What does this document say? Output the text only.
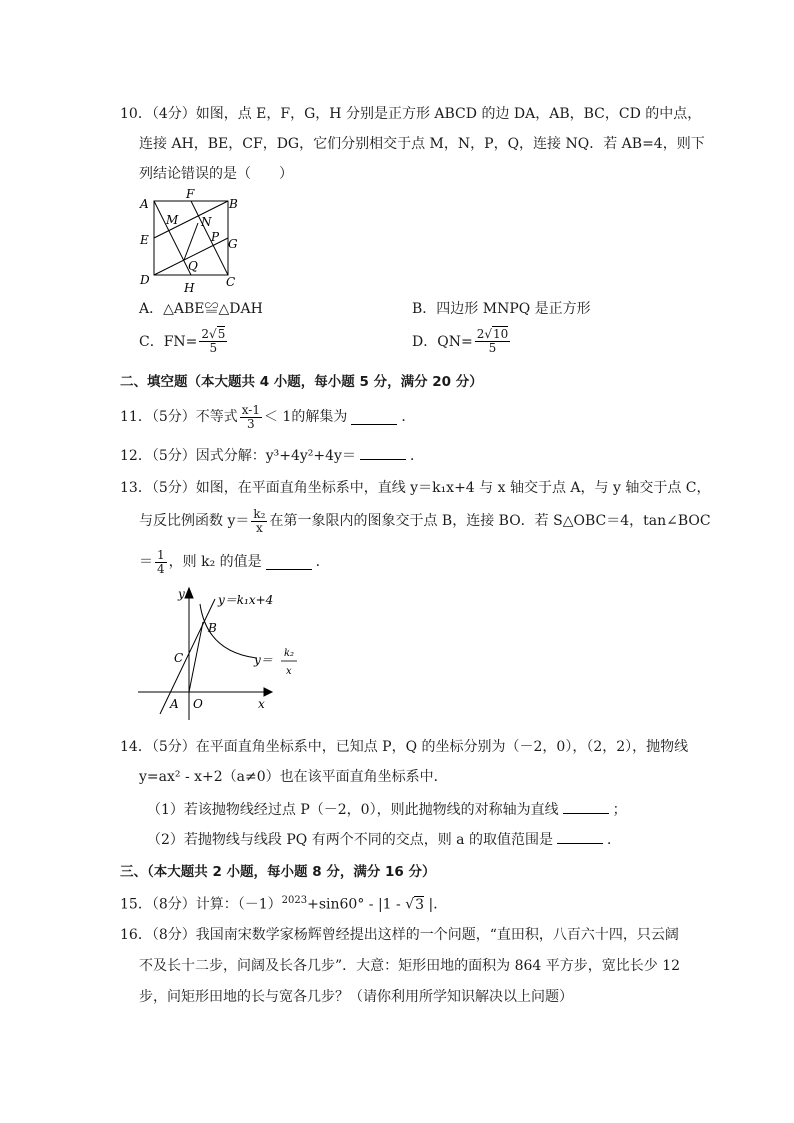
10．（4分）如图，点 E，F，G，H 分别是正方形 ABCD 的边 DA，AB，BC，CD 的中点，
连接 AH，BE，CF，DG，它们分别相交于点 M，N，P，Q，连接 NQ．若 AB=4，则下
列结论错误的是（　　）
A	B
C
D
E
F
G
H
M N
P
Q
A．△ABE≌△DAH	B．四边形 MNPQ 是正方形
C．$FN= \frac{2√5}{5}$	D．$QN= \frac{2√10}{5}$
二、填空题（本大题共 4 小题，每小题 5 分，满分 20 分）
11．（5分）不等式 $\frac{x-1}{3} < 1$的解集为	．
12．（5分）因式分解：y³+4y²+4y＝	．
13．（5分）如图，在平面直角坐标系中，直线 y＝k₁x+4 与 x 轴交于点 A，与 y 轴交于点 C，
与反比例函数 $y= \frac{\text{k₂}}{x}$ 在第一象限内的图象交于点 B，连接 BO．若 S△OBC＝4，tan∠BOC
＝ $\frac{1}{4}$ ，则 k₂ 的值是	．
y
x
O
A
B
C
y＝k₁x+4
y＝ k₂
x
14．（5分）在平面直角坐标系中，已知点 P，Q 的坐标分别为（－2，0），（2，2），抛物线
y=ax² - x+2（a≠0）也在该平面直角坐标系中．
（1）若该抛物线经过点 P（－2，0），则此抛物线的对称轴为直线	；
（2）若抛物线与线段 PQ 有两个不同的交点，则 a 的取值范围是	．
三、（本大题共 2 小题，每小题 8 分，满分 16 分）
15．（8分）计算：$(-1)^{2023}+\sin 60^\circ - |1 - √3$ |．
16．（8分）我国南宋数学家杨辉曾经提出这样的一个问题，“直田积，八百六十四，只云阔
不及长十二步，问阔及长各几步”．大意：矩形田地的面积为 864 平方步，宽比长少 12
步，问矩形田地的长与宽各几步？（请你利用所学知识解决以上问题）
